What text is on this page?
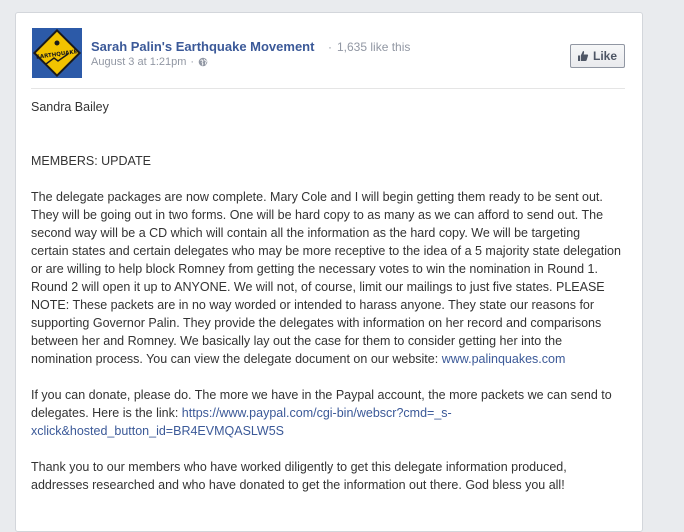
EARTHQUAKE
Sarah Palin's Earthquake Movement · 1,635 like this
August 3 at 1:21pm ·	Like

Sandra Bailey

MEMBERS: UPDATE

The delegate packages are now complete. Mary Cole and I will begin getting them ready to be sent out. They will be going out in two forms. One will be hard copy to as many as we can afford to send out. The second way will be a CD which will contain all the information as the hard copy. We will be targeting certain states and certain delegates who may be more receptive to the idea of a 5 majority state delegation or are willing to help block Romney from getting the necessary votes to win the nomination in Round 1. Round 2 will open it up to ANYONE. We will not, of course, limit our mailings to just five states. PLEASE NOTE: These packets are in no way worded or intended to harass anyone. They state our reasons for supporting Governor Palin. They provide the delegates with information on her record and comparisons between her and Romney. We basically lay out the case for them to consider getting her into the nomination process. You can view the delegate document on our website: www.palinquakes.com

If you can donate, please do. The more we have in the Paypal account, the more packets we can send to delegates. Here is the link: https://www.paypal.com/cgi-bin/webscr?cmd=_s-xclick&hosted_button_id=BR4EVMQASLW5S

Thank you to our members who have worked diligently to get this delegate information produced, addresses researched and who have donated to get the information out there. God bless you all!
